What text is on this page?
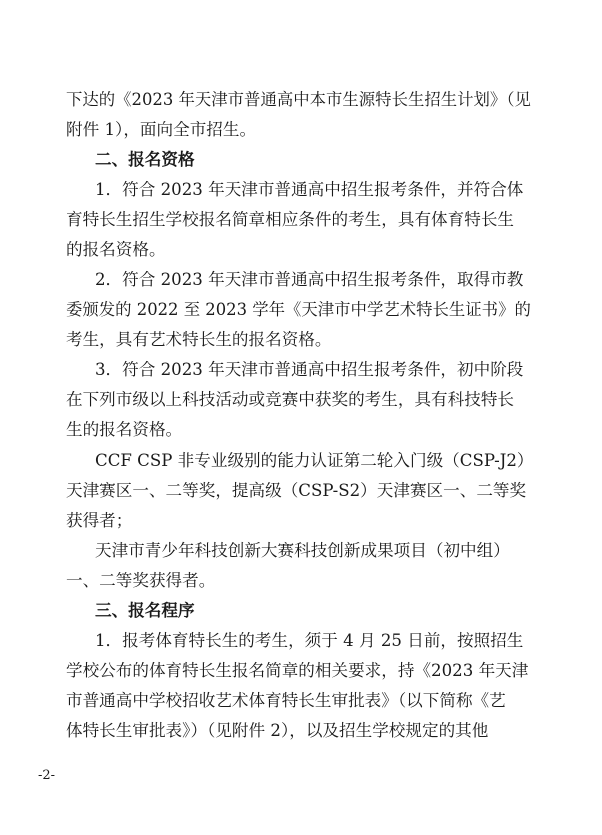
下达的《2023 年天津市普通高中本市生源特长生招生计划》（见
附件 1），面向全市招生。
二、报名资格
1．符合 2023 年天津市普通高中招生报考条件，并符合体
育特长生招生学校报名简章相应条件的考生，具有体育特长生
的报名资格。
2．符合 2023 年天津市普通高中招生报考条件，取得市教
委颁发的 2022 至 2023 学年《天津市中学艺术特长生证书》的
考生，具有艺术特长生的报名资格。
3．符合 2023 年天津市普通高中招生报考条件，初中阶段
在下列市级以上科技活动或竞赛中获奖的考生，具有科技特长
生的报名资格。
CCF CSP 非专业级别的能力认证第二轮入门级（CSP-J2）
天津赛区一、二等奖，提高级（CSP-S2）天津赛区一、二等奖
获得者；
天津市青少年科技创新大赛科技创新成果项目（初中组）
一、二等奖获得者。
三、报名程序
1．报考体育特长生的考生，须于 4 月 25 日前，按照招生
学校公布的体育特长生报名简章的相关要求，持《2023 年天津
市普通高中学校招收艺术体育特长生审批表》（以下简称《艺
体特长生审批表》）（见附件 2），以及招生学校规定的其他
-2-
